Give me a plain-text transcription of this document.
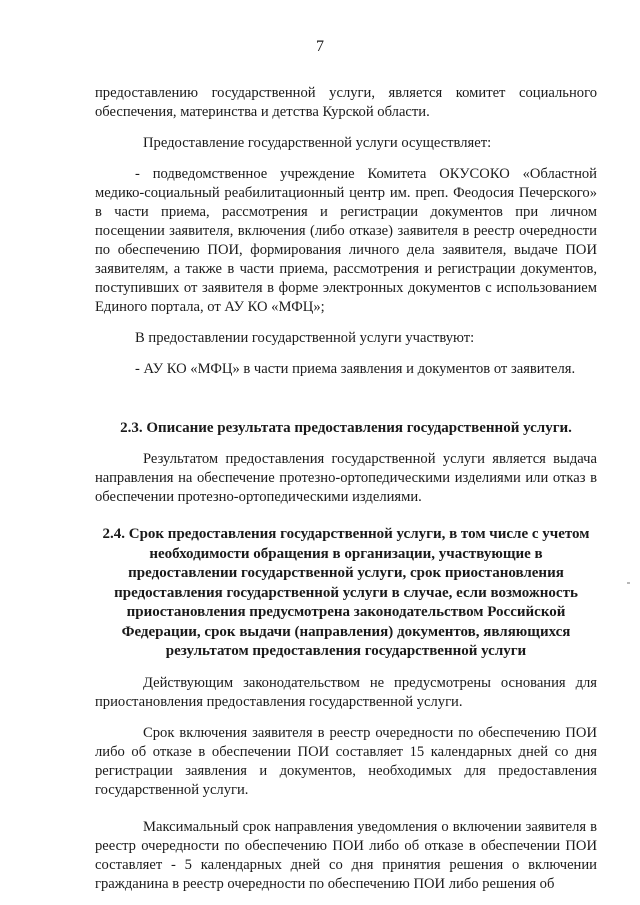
7

предоставлению государственной услуги, является комитет социального обеспечения, материнства и детства Курской области.

Предоставление государственной услуги осуществляет:

- подведомственное учреждение Комитета ОКУСОКО «Областной медико-социальный реабилитационный центр им. преп. Феодосия Печерского» в части приема, рассмотрения и регистрации документов при личном посещении заявителя, включения (либо отказе) заявителя в реестр очередности по обеспечению ПОИ, формирования личного дела заявителя, выдаче ПОИ заявителям, а также в части приема, рассмотрения и регистрации документов, поступивших от заявителя в форме электронных документов с использованием Единого портала, от АУ КО «МФЦ»;

В предоставлении государственной услуги участвуют:

- АУ КО «МФЦ» в части приема заявления и документов от заявителя.

2.3. Описание результата предоставления государственной услуги.

Результатом предоставления государственной услуги является выдача направления на обеспечение протезно-ортопедическими изделиями или отказ в обеспечении протезно-ортопедическими изделиями.

2.4. Срок предоставления государственной услуги, в том числе с учетом необходимости обращения в организации, участвующие в предоставлении государственной услуги, срок приостановления предоставления государственной услуги в случае, если возможность приостановления предусмотрена законодательством Российской Федерации, срок выдачи (направления) документов, являющихся результатом предоставления государственной услуги

Действующим законодательством не предусмотрены основания для приостановления предоставления государственной услуги.

Срок включения заявителя в реестр очередности по обеспечению ПОИ либо об отказе в обеспечении ПОИ составляет 15 календарных дней со дня регистрации заявления и документов, необходимых для предоставления государственной услуги.

Максимальный срок направления уведомления о включении заявителя в реестр очередности по обеспечению ПОИ либо об отказе в обеспечении ПОИ составляет - 5 календарных дней со дня принятия решения о включении гражданина в реестр очередности по обеспечению ПОИ либо решения об
